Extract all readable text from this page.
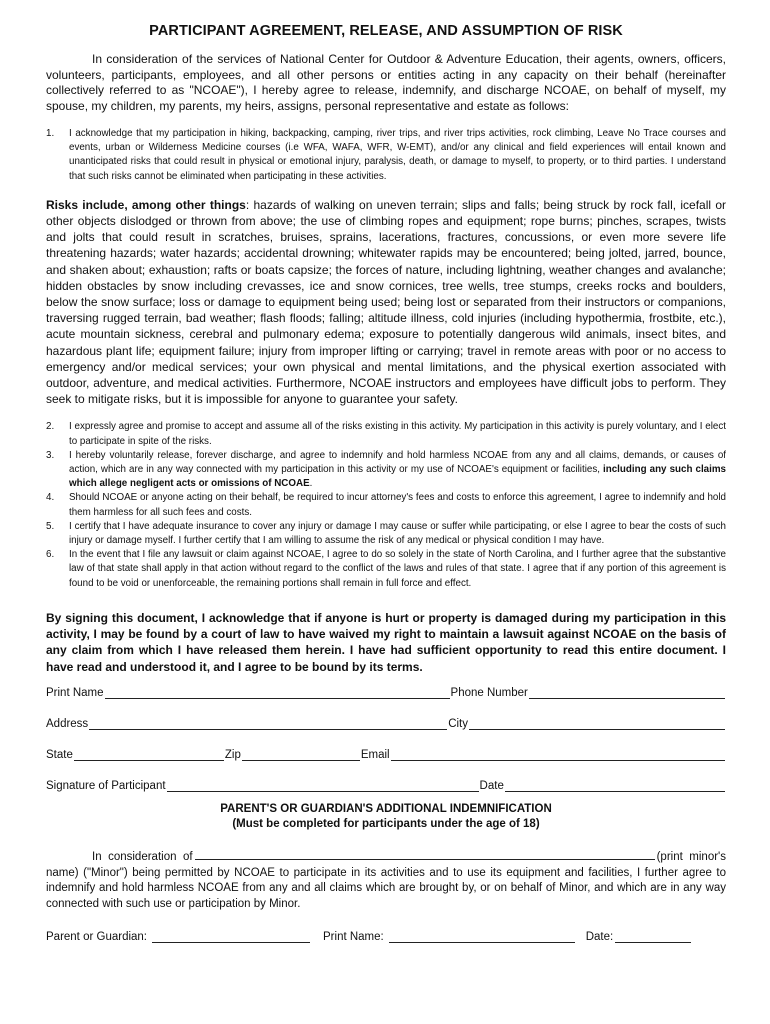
PARTICIPANT AGREEMENT, RELEASE, AND ASSUMPTION OF RISK

In consideration of the services of National Center for Outdoor & Adventure Education, their agents, owners, officers, volunteers, participants, employees, and all other persons or entities acting in any capacity on their behalf (hereinafter collectively referred to as "NCOAE"), I hereby agree to release, indemnify, and discharge NCOAE, on behalf of myself, my spouse, my children, my parents, my heirs, assigns, personal representative and estate as follows:

1. I acknowledge that my participation in hiking, backpacking, camping, river trips, and river trips activities, rock climbing, Leave No Trace courses and events, urban or Wilderness Medicine courses (i.e WFA, WAFA, WFR, W-EMT), and/or any clinical and field experiences will entail known and unanticipated risks that could result in physical or emotional injury, paralysis, death, or damage to myself, to property, or to third parties. I understand that such risks cannot be eliminated when participating in these activities.

Risks include, among other things: hazards of walking on uneven terrain; slips and falls; being struck by rock fall, icefall or other objects dislodged or thrown from above; the use of climbing ropes and equipment; rope burns; pinches, scrapes, twists and jolts that could result in scratches, bruises, sprains, lacerations, fractures, concussions, or even more severe life threatening hazards; water hazards; accidental drowning; whitewater rapids may be encountered; being jolted, jarred, bounce, and shaken about; exhaustion; rafts or boats capsize; the forces of nature, including lightning, weather changes and avalanche; hidden obstacles by snow including crevasses, ice and snow cornices, tree wells, tree stumps, creeks rocks and boulders, below the snow surface; loss or damage to equipment being used; being lost or separated from their instructors or companions, traversing rugged terrain, bad weather; flash floods; falling; altitude illness, cold injuries (including hypothermia, frostbite, etc.), acute mountain sickness, cerebral and pulmonary edema; exposure to potentially dangerous wild animals, insect bites, and hazardous plant life; equipment failure; injury from improper lifting or carrying; travel in remote areas with poor or no access to emergency and/or medical services; your own physical and mental limitations, and the physical exertion associated with outdoor, adventure, and medical activities. Furthermore, NCOAE instructors and employees have difficult jobs to perform. They seek to mitigate risks, but it is impossible for anyone to guarantee your safety.

2. I expressly agree and promise to accept and assume all of the risks existing in this activity. My participation in this activity is purely voluntary, and I elect to participate in spite of the risks.
3. I hereby voluntarily release, forever discharge, and agree to indemnify and hold harmless NCOAE from any and all claims, demands, or causes of action, which are in any way connected with my participation in this activity or my use of NCOAE's equipment or facilities, including any such claims which allege negligent acts or omissions of NCOAE.
4. Should NCOAE or anyone acting on their behalf, be required to incur attorney's fees and costs to enforce this agreement, I agree to indemnify and hold them harmless for all such fees and costs.
5. I certify that I have adequate insurance to cover any injury or damage I may cause or suffer while participating, or else I agree to bear the costs of such injury or damage myself. I further certify that I am willing to assume the risk of any medical or physical condition I may have.
6. In the event that I file any lawsuit or claim against NCOAE, I agree to do so solely in the state of North Carolina, and I further agree that the substantive law of that state shall apply in that action without regard to the conflict of the laws and rules of that state. I agree that if any portion of this agreement is found to be void or unenforceable, the remaining portions shall remain in full force and effect.

By signing this document, I acknowledge that if anyone is hurt or property is damaged during my participation in this activity, I may be found by a court of law to have waived my right to maintain a lawsuit against NCOAE on the basis of any claim from which I have released them herein. I have had sufficient opportunity to read this entire document. I have read and understood it, and I agree to be bound by its terms.

Print Name	Phone Number
Address	City
State	Zip	Email
Signature of Participant	Date
PARENT'S OR GUARDIAN'S ADDITIONAL INDEMNIFICATION
(Must be completed for participants under the age of 18)

In consideration of	(print minor's name) ("Minor") being permitted by NCOAE to participate in its activities and to use its equipment and facilities, I further agree to indemnify and hold harmless NCOAE from any and all claims which are brought by, or on behalf of Minor, and which are in any way connected with such use or participation by Minor.

Parent or Guardian:	Print Name:	Date:
